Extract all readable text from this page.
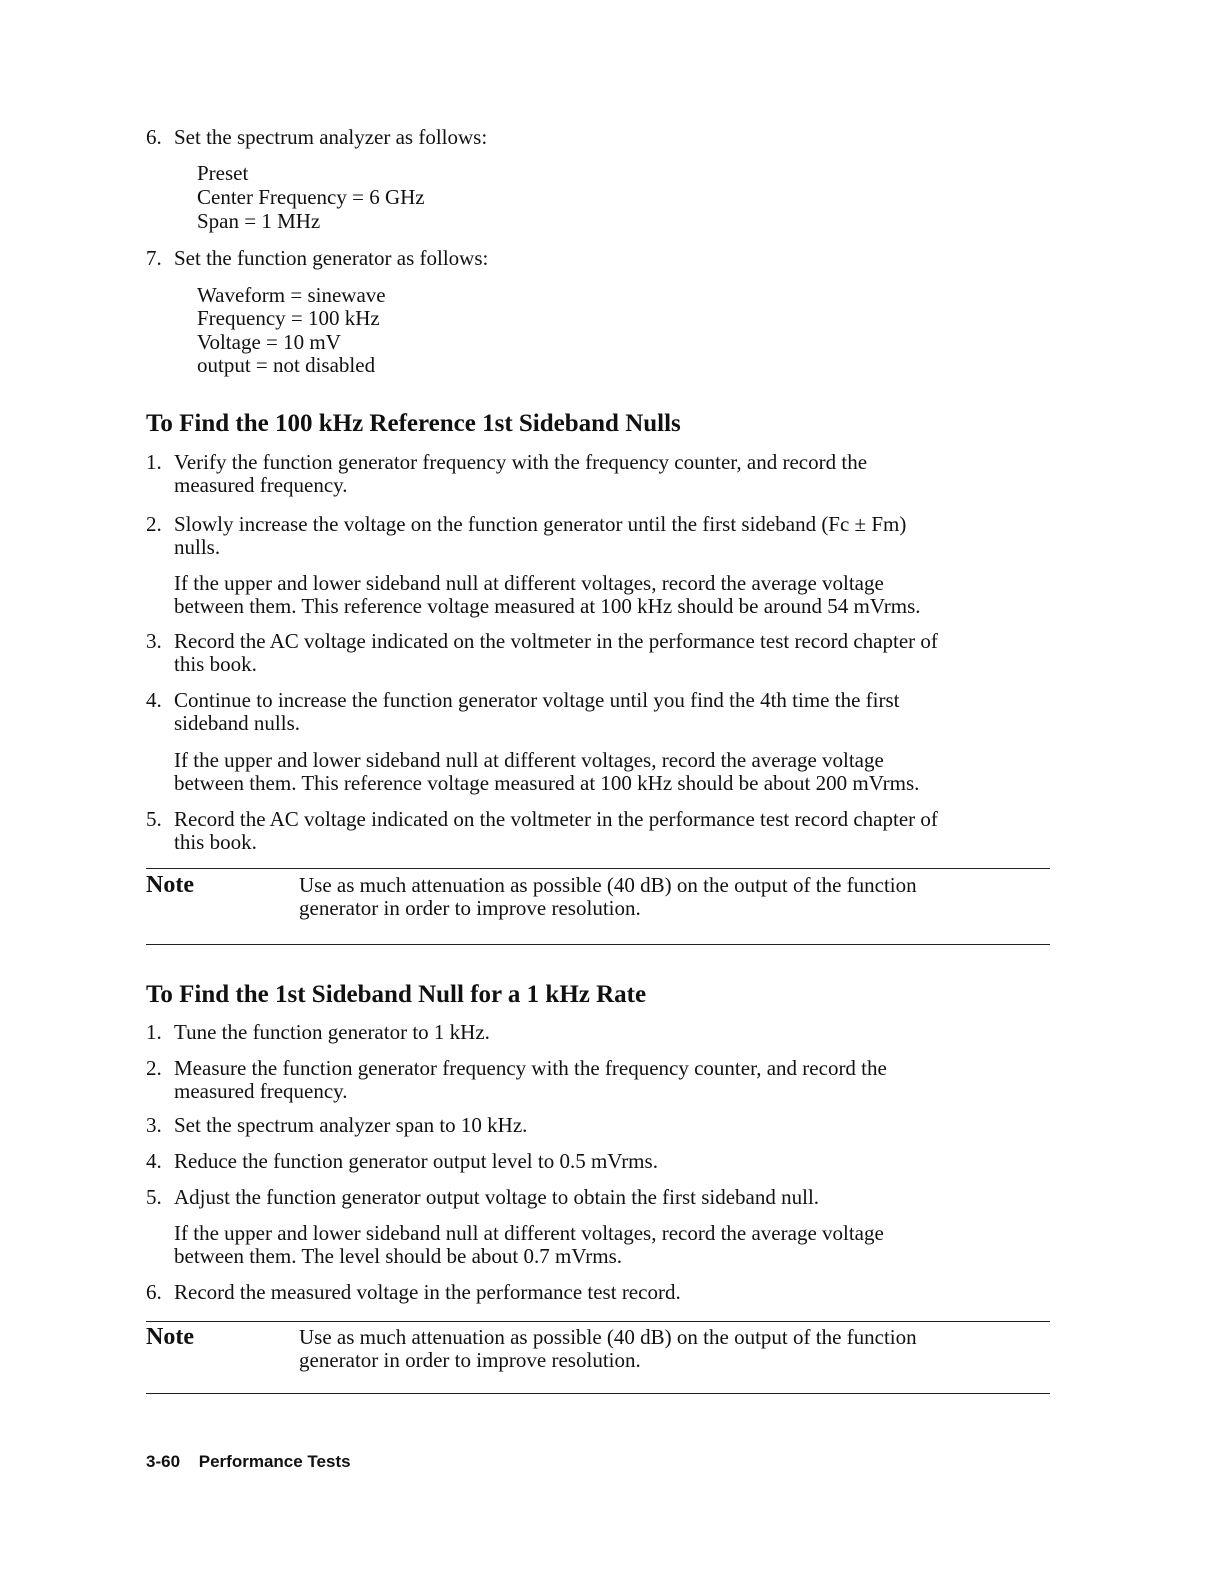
6. Set the spectrum analyzer as follows:
Preset
Center Frequency = 6 GHz
Span = 1 MHz
7. Set the function generator as follows:
Waveform = sinewave
Frequency = 100 kHz
Voltage = 10 mV
output = not disabled
To Find the 100 kHz Reference 1st Sideband Nulls
1. Verify the function generator frequency with the frequency counter, and record the
measured frequency.
2. Slowly increase the voltage on the function generator until the first sideband (Fc ± Fm)
nulls.
If the upper and lower sideband null at different voltages, record the average voltage
between them. This reference voltage measured at 100 kHz should be around 54 mVrms.
3. Record the AC voltage indicated on the voltmeter in the performance test record chapter of
this book.
4. Continue to increase the function generator voltage until you find the 4th time the first
sideband nulls.
If the upper and lower sideband null at different voltages, record the average voltage
between them. This reference voltage measured at 100 kHz should be about 200 mVrms.
5. Record the AC voltage indicated on the voltmeter in the performance test record chapter of
this book.
Note	Use as much attenuation as possible (40 dB) on the output of the function
generator in order to improve resolution.
To Find the 1st Sideband Null for a 1 kHz Rate
1. Tune the function generator to 1 kHz.
2. Measure the function generator frequency with the frequency counter, and record the
measured frequency.
3. Set the spectrum analyzer span to 10 kHz.
4. Reduce the function generator output level to 0.5 mVrms.
5. Adjust the function generator output voltage to obtain the first sideband null.
If the upper and lower sideband null at different voltages, record the average voltage
between them. The level should be about 0.7 mVrms.
6. Record the measured voltage in the performance test record.
Note	Use as much attenuation as possible (40 dB) on the output of the function
generator in order to improve resolution.
3-60 Performance Tests
